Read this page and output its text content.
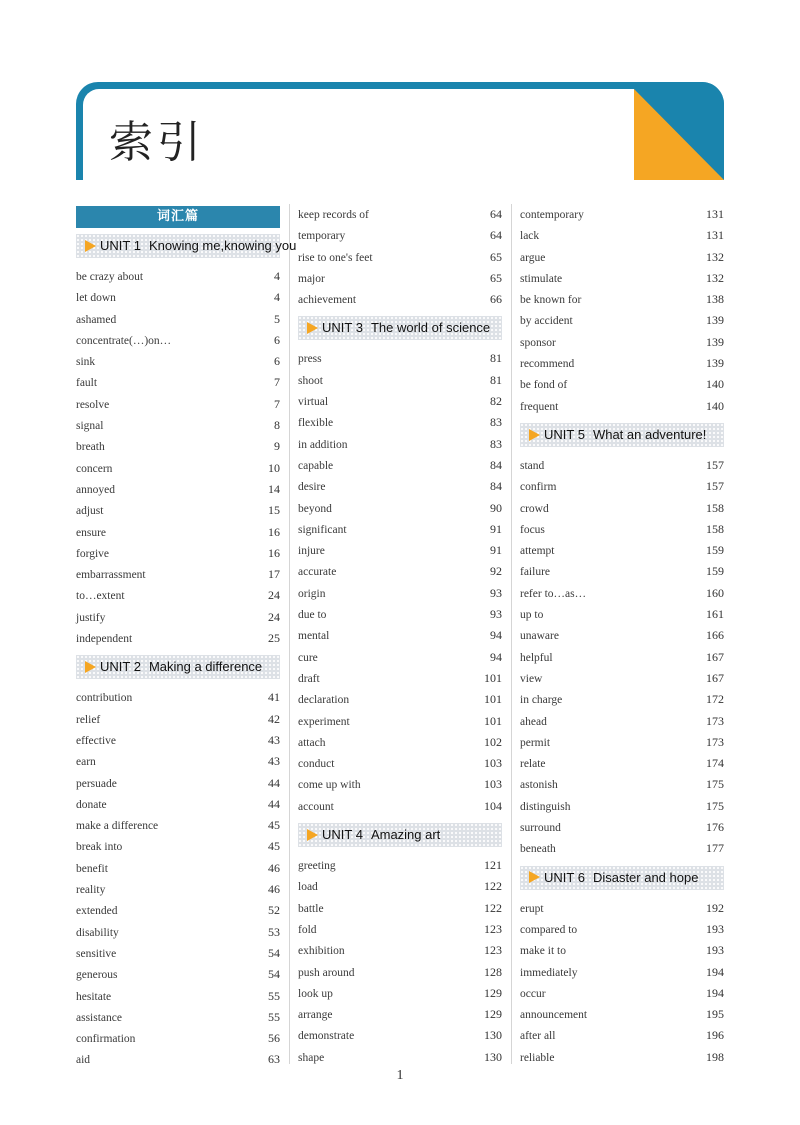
索引
词汇篇
UNIT 1 Knowing me,knowing you
be crazy about	4
let down	4
ashamed	5
concentrate(…)on…	6
sink	6
fault	7
resolve	7
signal	8
breath	9
concern	10
annoyed	14
adjust	15
ensure	16
forgive	16
embarrassment	17
to…extent	24
justify	24
independent	25
UNIT 2 Making a difference
contribution	41
relief	42
effective	43
earn	43
persuade	44
donate	44
make a difference	45
break into	45
benefit	46
reality	46
extended	52
disability	53
sensitive	54
generous	54
hesitate	55
assistance	55
confirmation	56
aid	63
keep records of	64
temporary	64
rise to one's feet	65
major	65
achievement	66
UNIT 3 The world of science
press	81
shoot	81
virtual	82
flexible	83
in addition	83
capable	84
desire	84
beyond	90
significant	91
injure	91
accurate	92
origin	93
due to	93
mental	94
cure	94
draft	101
declaration	101
experiment	101
attach	102
conduct	103
come up with	103
account	104
UNIT 4 Amazing art
greeting	121
load	122
battle	122
fold	123
exhibition	123
push around	128
look up	129
arrange	129
demonstrate	130
shape	130
contemporary	131
lack	131
argue	132
stimulate	132
be known for	138
by accident	139
sponsor	139
recommend	139
be fond of	140
frequent	140
UNIT 5 What an adventure!
stand	157
confirm	157
crowd	158
focus	158
attempt	159
failure	159
refer to…as…	160
up to	161
unaware	166
helpful	167
view	167
in charge	172
ahead	173
permit	173
relate	174
astonish	175
distinguish	175
surround	176
beneath	177
UNIT 6 Disaster and hope
erupt	192
compared to	193
make it to	193
immediately	194
occur	194
announcement	195
after all	196
reliable	198
1
